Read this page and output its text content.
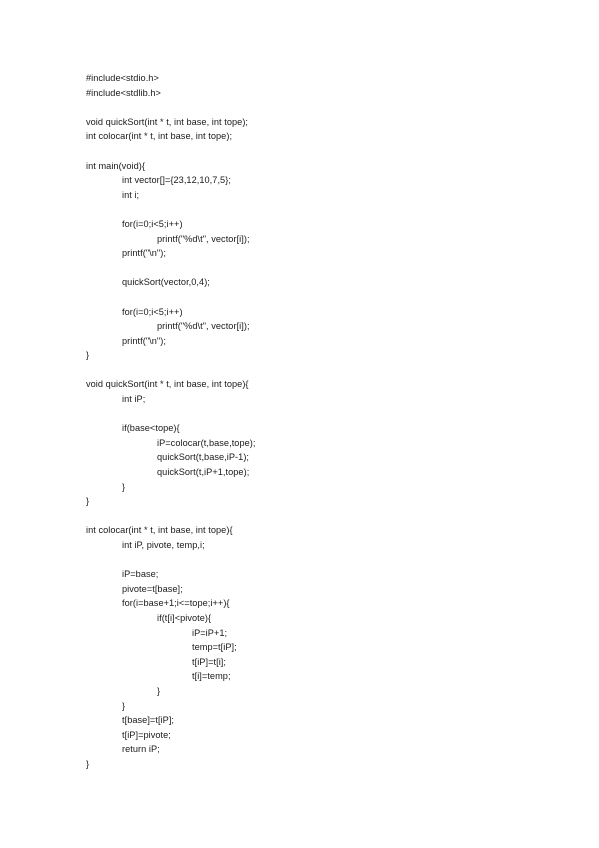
#include<stdio.h>
#include<stdlib.h>
void quickSort(int * t, int base, int tope);
int colocar(int * t, int base, int tope);
int main(void){
int vector[]={23,12,10,7,5};
int i;
for(i=0;i<5;i++)
printf("%d\t", vector[i]);
printf("\n");
quickSort(vector,0,4);
for(i=0;i<5;i++)
printf("%d\t", vector[i]);
printf("\n");
}
void quickSort(int * t, int base, int tope){
int iP;
if(base<tope){
iP=colocar(t,base,tope);
quickSort(t,base,iP-1);
quickSort(t,iP+1,tope);
}
}
int colocar(int * t, int base, int tope){
int iP, pivote, temp,i;
iP=base;
pivote=t[base];
for(i=base+1;i<=tope;i++){
if(t[i]<pivote){
iP=iP+1;
temp=t[iP];
t[iP]=t[i];
t[i]=temp;
}
}
t[base]=t[iP];
t[iP]=pivote;
return iP;
}
